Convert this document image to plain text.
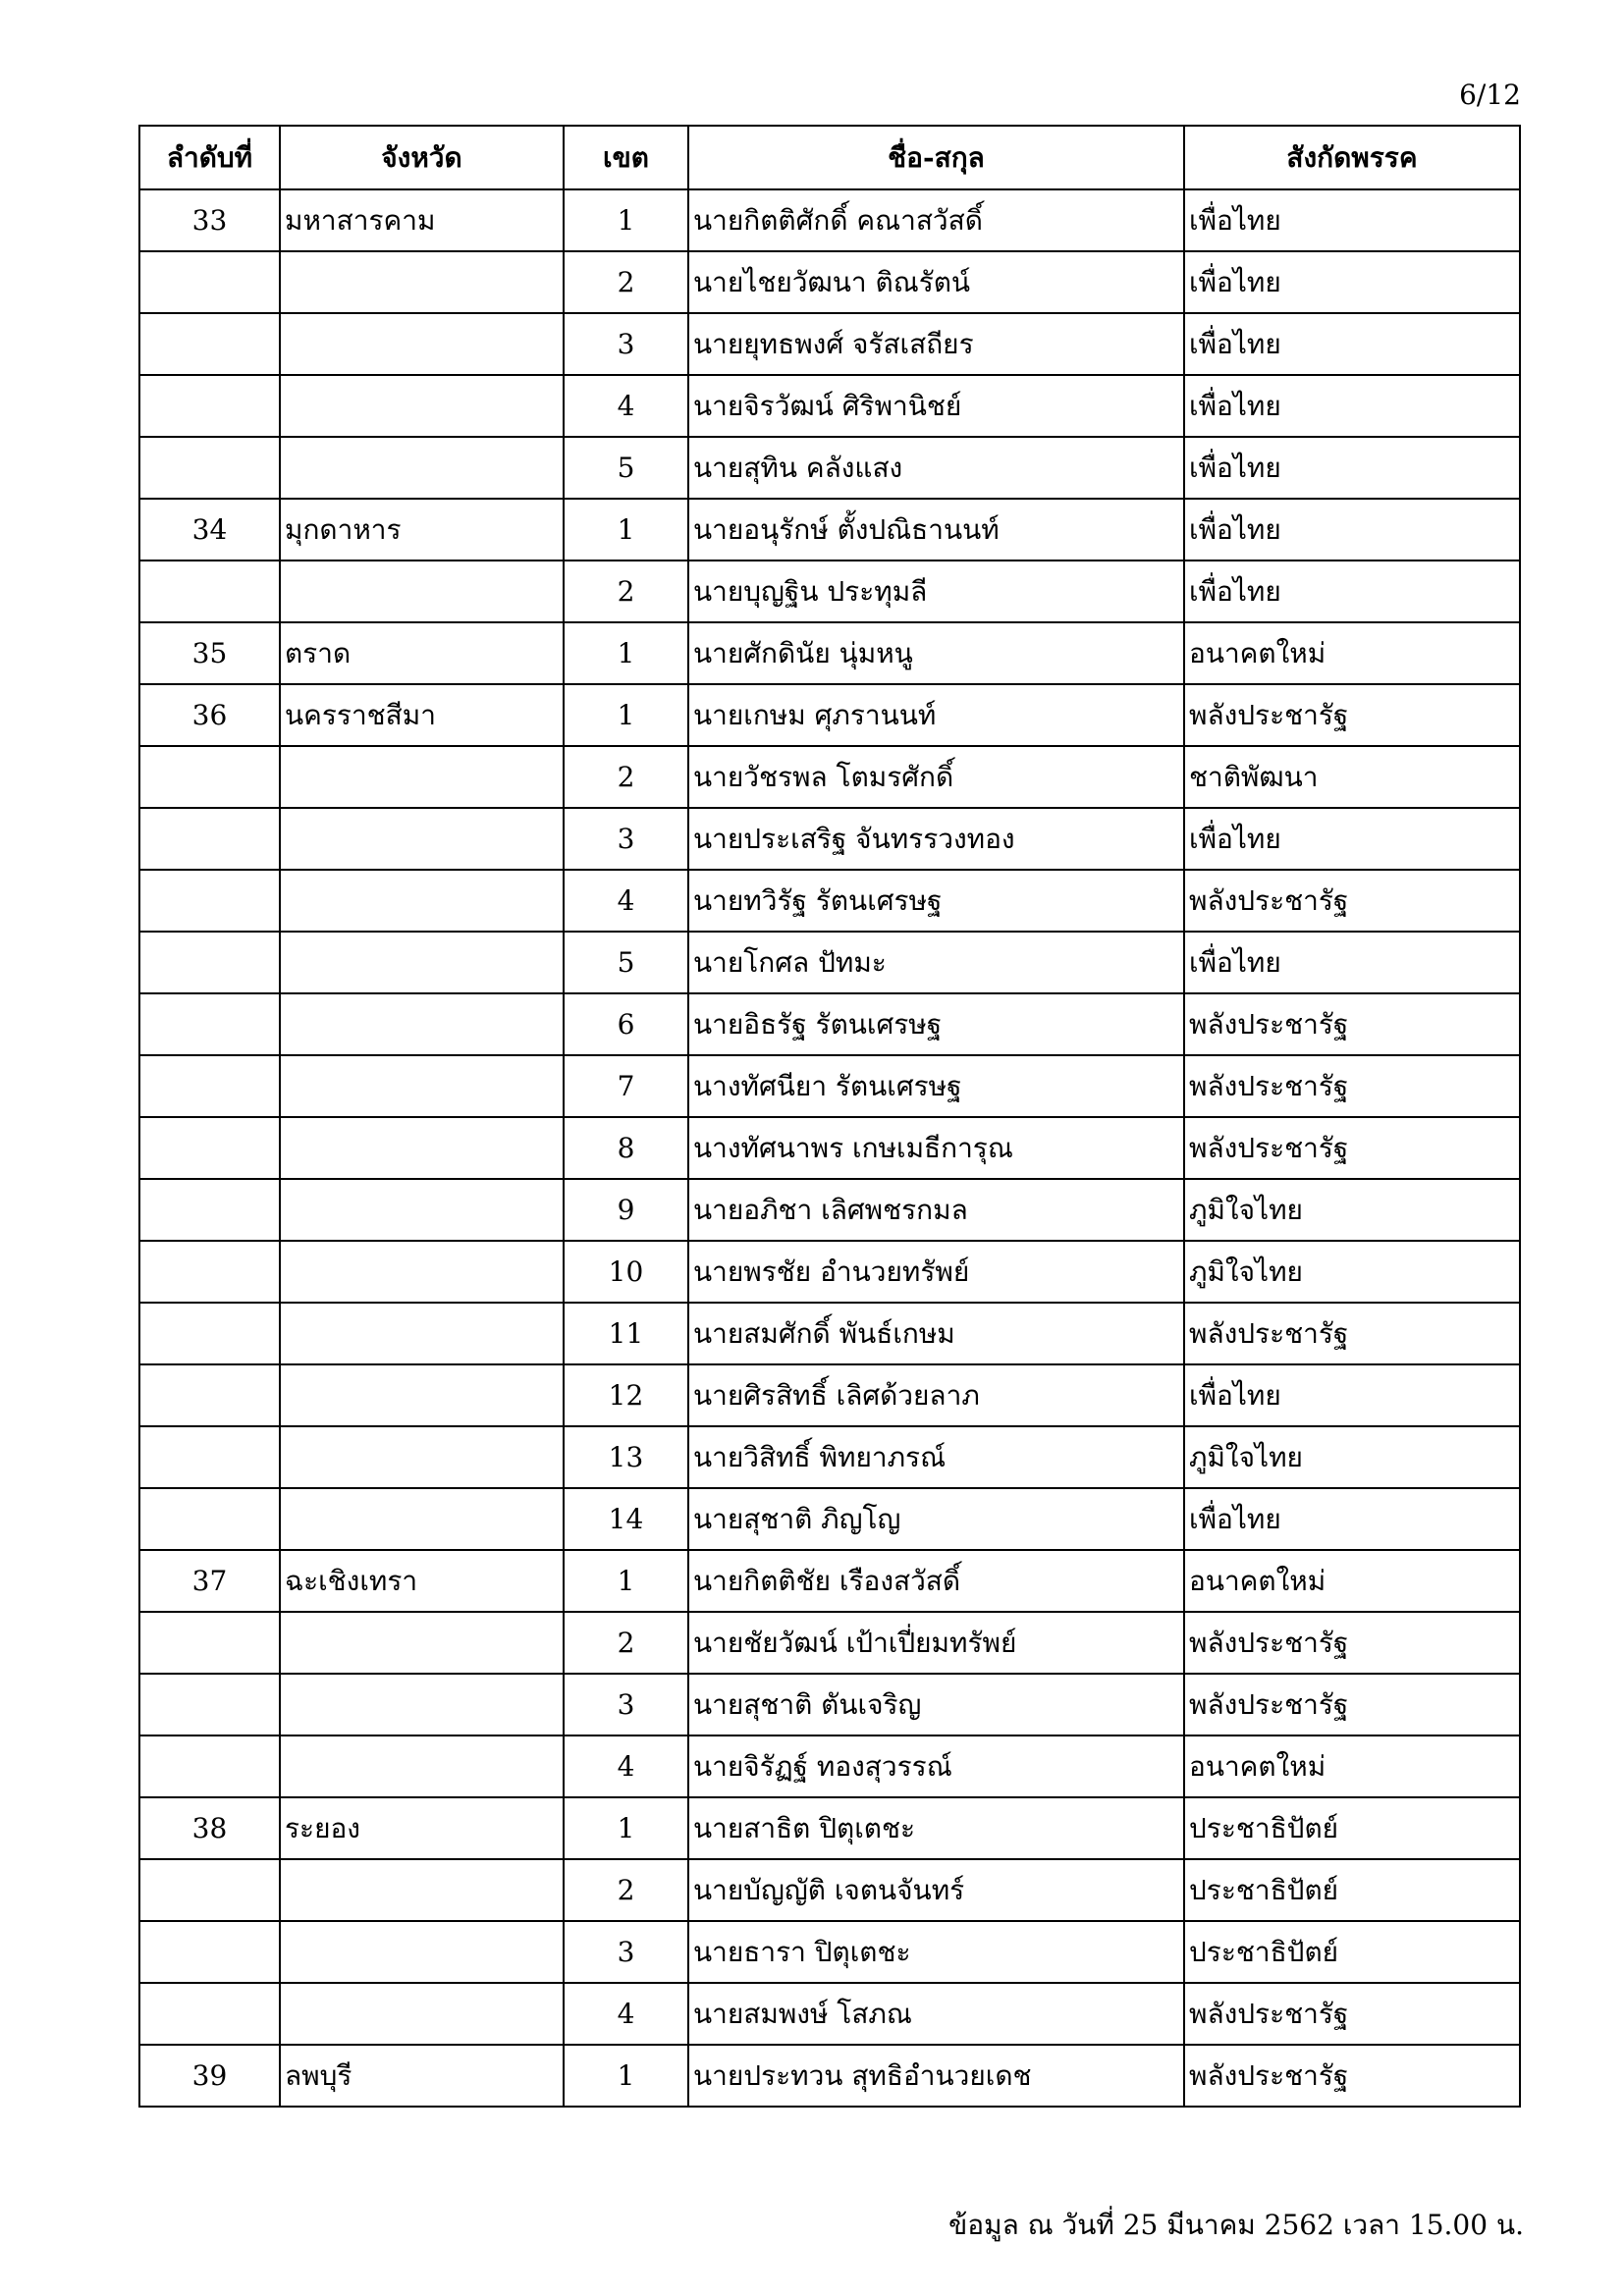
6/12
ลำดับที่	จังหวัด	เขต	ชื่อ-สกุล	สังกัดพรรค
33	มหาสารคาม	1	นายกิตติศักดิ์ คณาสวัสดิ์	เพื่อไทย
		2	นายไชยวัฒนา ติณรัตน์	เพื่อไทย
		3	นายยุทธพงศ์ จรัสเสถียร	เพื่อไทย
		4	นายจิรวัฒน์ ศิริพานิชย์	เพื่อไทย
		5	นายสุทิน คลังแสง	เพื่อไทย
34	มุกดาหาร	1	นายอนุรักษ์ ตั้งปณิธานนท์	เพื่อไทย
		2	นายบุญฐิน ประทุมลี	เพื่อไทย
35	ตราด	1	นายศักดินัย นุ่มหนู	อนาคตใหม่
36	นครราชสีมา	1	นายเกษม ศุภรานนท์	พลังประชารัฐ
		2	นายวัชรพล โตมรศักดิ์	ชาติพัฒนา
		3	นายประเสริฐ จันทรรวงทอง	เพื่อไทย
		4	นายทวิรัฐ รัตนเศรษฐ	พลังประชารัฐ
		5	นายโกศล ปัทมะ	เพื่อไทย
		6	นายอิธรัฐ รัตนเศรษฐ	พลังประชารัฐ
		7	นางทัศนียา รัตนเศรษฐ	พลังประชารัฐ
		8	นางทัศนาพร เกษเมธีการุณ	พลังประชารัฐ
		9	นายอภิชา เลิศพชรกมล	ภูมิใจไทย
		10	นายพรชัย อำนวยทรัพย์	ภูมิใจไทย
		11	นายสมศักดิ์ พันธ์เกษม	พลังประชารัฐ
		12	นายศิรสิทธิ์ เลิศด้วยลาภ	เพื่อไทย
		13	นายวิสิทธิ์ พิทยาภรณ์	ภูมิใจไทย
		14	นายสุชาติ ภิญโญ	เพื่อไทย
37	ฉะเชิงเทรา	1	นายกิตติชัย เรืองสวัสดิ์	อนาคตใหม่
		2	นายชัยวัฒน์ เป้าเปี่ยมทรัพย์	พลังประชารัฐ
		3	นายสุชาติ ตันเจริญ	พลังประชารัฐ
		4	นายจิรัฏฐ์ ทองสุวรรณ์	อนาคตใหม่
38	ระยอง	1	นายสาธิต ปิตุเตชะ	ประชาธิปัตย์
		2	นายบัญญัติ เจตนจันทร์	ประชาธิปัตย์
		3	นายธารา ปิตุเตชะ	ประชาธิปัตย์
		4	นายสมพงษ์ โสภณ	พลังประชารัฐ
39	ลพบุรี	1	นายประทวน สุทธิอำนวยเดช	พลังประชารัฐ
ข้อมูล ณ วันที่ 25 มีนาคม 2562 เวลา 15.00 น.
